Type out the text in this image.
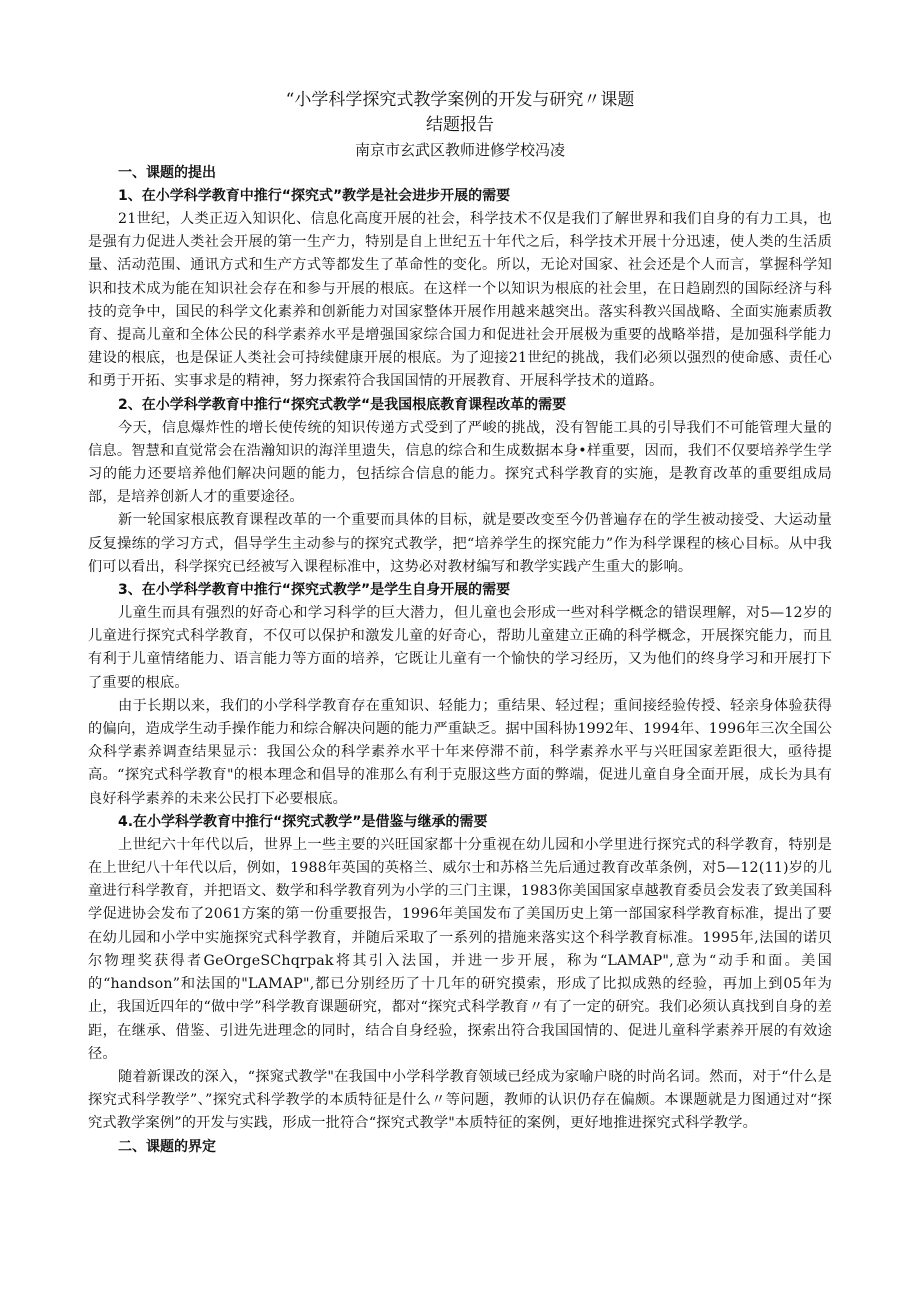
“小学科学探究式教学案例的开发与研究〃课题
结题报告

南京市玄武区教师进修学校冯凌

一、课题的提出
1、在小学科学教育中推行“探究式”教学是社会进步开展的需要

21世纪，人类正迈入知识化、信息化高度开展的社会，科学技术不仅是我们了解世界和我们自身的有力工具，也是强有力促进人类社会开展的第一生产力，特别是自上世纪五十年代之后，科学技术开展十分迅速，使人类的生活质量、活动范围、通讯方式和生产方式等都发生了革命性的变化。所以，无论对国家、社会还是个人而言，掌握科学知识和技术成为能在知识社会存在和参与开展的根底。在这样一个以知识为根底的社会里，在日趋剧烈的国际经济与科技的竞争中，国民的科学文化素养和创新能力对国家整体开展作用越来越突出。落实科教兴国战略、全面实施素质教育、提高儿童和全体公民的科学素养水平是增强国家综合国力和促进社会开展极为重要的战略举措，是加强科学能力建设的根底，也是保证人类社会可持续健康开展的根底。为了迎接21世纪的挑战，我们必须以强烈的使命感、责任心和勇于开拓、实事求是的精神，努力探索符合我国国情的开展教育、开展科学技术的道路。

2、在小学科学教育中推行“探究式教学“是我国根底教育课程改革的需要

今天，信息爆炸性的增长使传统的知识传递方式受到了严峻的挑战，没有智能工具的引导我们不可能管理大量的信息。智慧和直觉常会在浩瀚知识的海洋里遗失，信息的综合和生成数据本身•样重要，因而，我们不仅要培养学生学习的能力还要培养他们解决问题的能力，包括综合信息的能力。探究式科学教育的实施，是教育改革的重要组成局部，是培养创新人才的重要途径。

新一轮国家根底教育课程改革的一个重要而具体的目标，就是要改变至今仍普遍存在的学生被动接受、大运动量反复操练的学习方式，倡导学生主动参与的探究式教学，把“培养学生的探究能力”作为科学课程的核心目标。从中我们可以看出，科学探究已经被写入课程标准中，这势必对教材编写和教学实践产生重大的影响。

3、在小学科学教育中推行“探究式教学”是学生自身开展的需要

儿童生而具有强烈的好奇心和学习科学的巨大潜力，但儿童也会形成一些对科学概念的错误理解，对5—12岁的儿童进行探究式科学教育，不仅可以保护和激发儿童的好奇心，帮助儿童建立正确的科学概念，开展探究能力，而且有利于儿童情绪能力、语言能力等方面的培养，它既让儿童有一个愉快的学习经历，又为他们的终身学习和开展打下了重要的根底。

由于长期以来，我们的小学科学教育存在重知识、轻能力；重结果、轻过程；重间接经验传授、轻亲身体验获得的偏向，造成学生动手操作能力和综合解决问题的能力严重缺乏。据中国科协1992年、1994年、1996年三次全国公众科学素养调查结果显示：我国公众的科学素养水平十年来停滞不前，科学素养水平与兴旺国家差距很大，亟待提高。“探究式科学教育"的根本理念和倡导的准那么有利于克服这些方面的弊端，促进儿童自身全面开展，成长为具有良好科学素养的未来公民打下必要根底。

4.在小学科学教育中推行“探究式教学”是借鉴与继承的需要

上世纪六十年代以后，世界上一些主要的兴旺国家都十分重视在幼儿园和小学里进行探究式的科学教育，特别是在上世纪八十年代以后，例如，1988年英国的英格兰、威尔士和苏格兰先后通过教育改革条例，对5—12(11)岁的儿童进行科学教育，并把语文、数学和科学教育列为小学的三门主课，1983你美国国家卓越教育委员会发表了致美国科学促进协会发布了2061方案的第一份重要报告，1996年美国发布了美国历史上第一部国家科学教育标准，提出了要在幼儿园和小学中实施探究式科学教育，并随后采取了一系列的措施来落实这个科学教育标准。1995年,法国的诺贝尔物理奖获得者GeOrgeSChqrpak将其引入法国，并进一步开展，称为“LAMAP",意为“动手和面。美国的“handson”和法国的"LAMAP",都已分别经历了十几年的研究摸索，形成了比拟成熟的经验，再加上到05年为止，我国近四年的“做中学”科学教育课题研究，都对“探究式科学教育〃有了一定的研究。我们必须认真找到自身的差距，在继承、借鉴、引进先进理念的同时，结合自身经验，探索出符合我国国情的、促进儿童科学素养开展的有效途径。

随着新课改的深入，“探窕式教学"在我国中小学科学教育领域已经成为家喻户晓的时尚名词。然而，对于“什么是探究式科学教学”、”探究式科学教学的本质特征是什么〃等问题，教师的认识仍存在偏颇。本课题就是力图通过对“探究式教学案例”的开发与实践，形成一批符合“探究式教学"本质特征的案例，更好地推进探究式科学教学。

二、课题的界定
